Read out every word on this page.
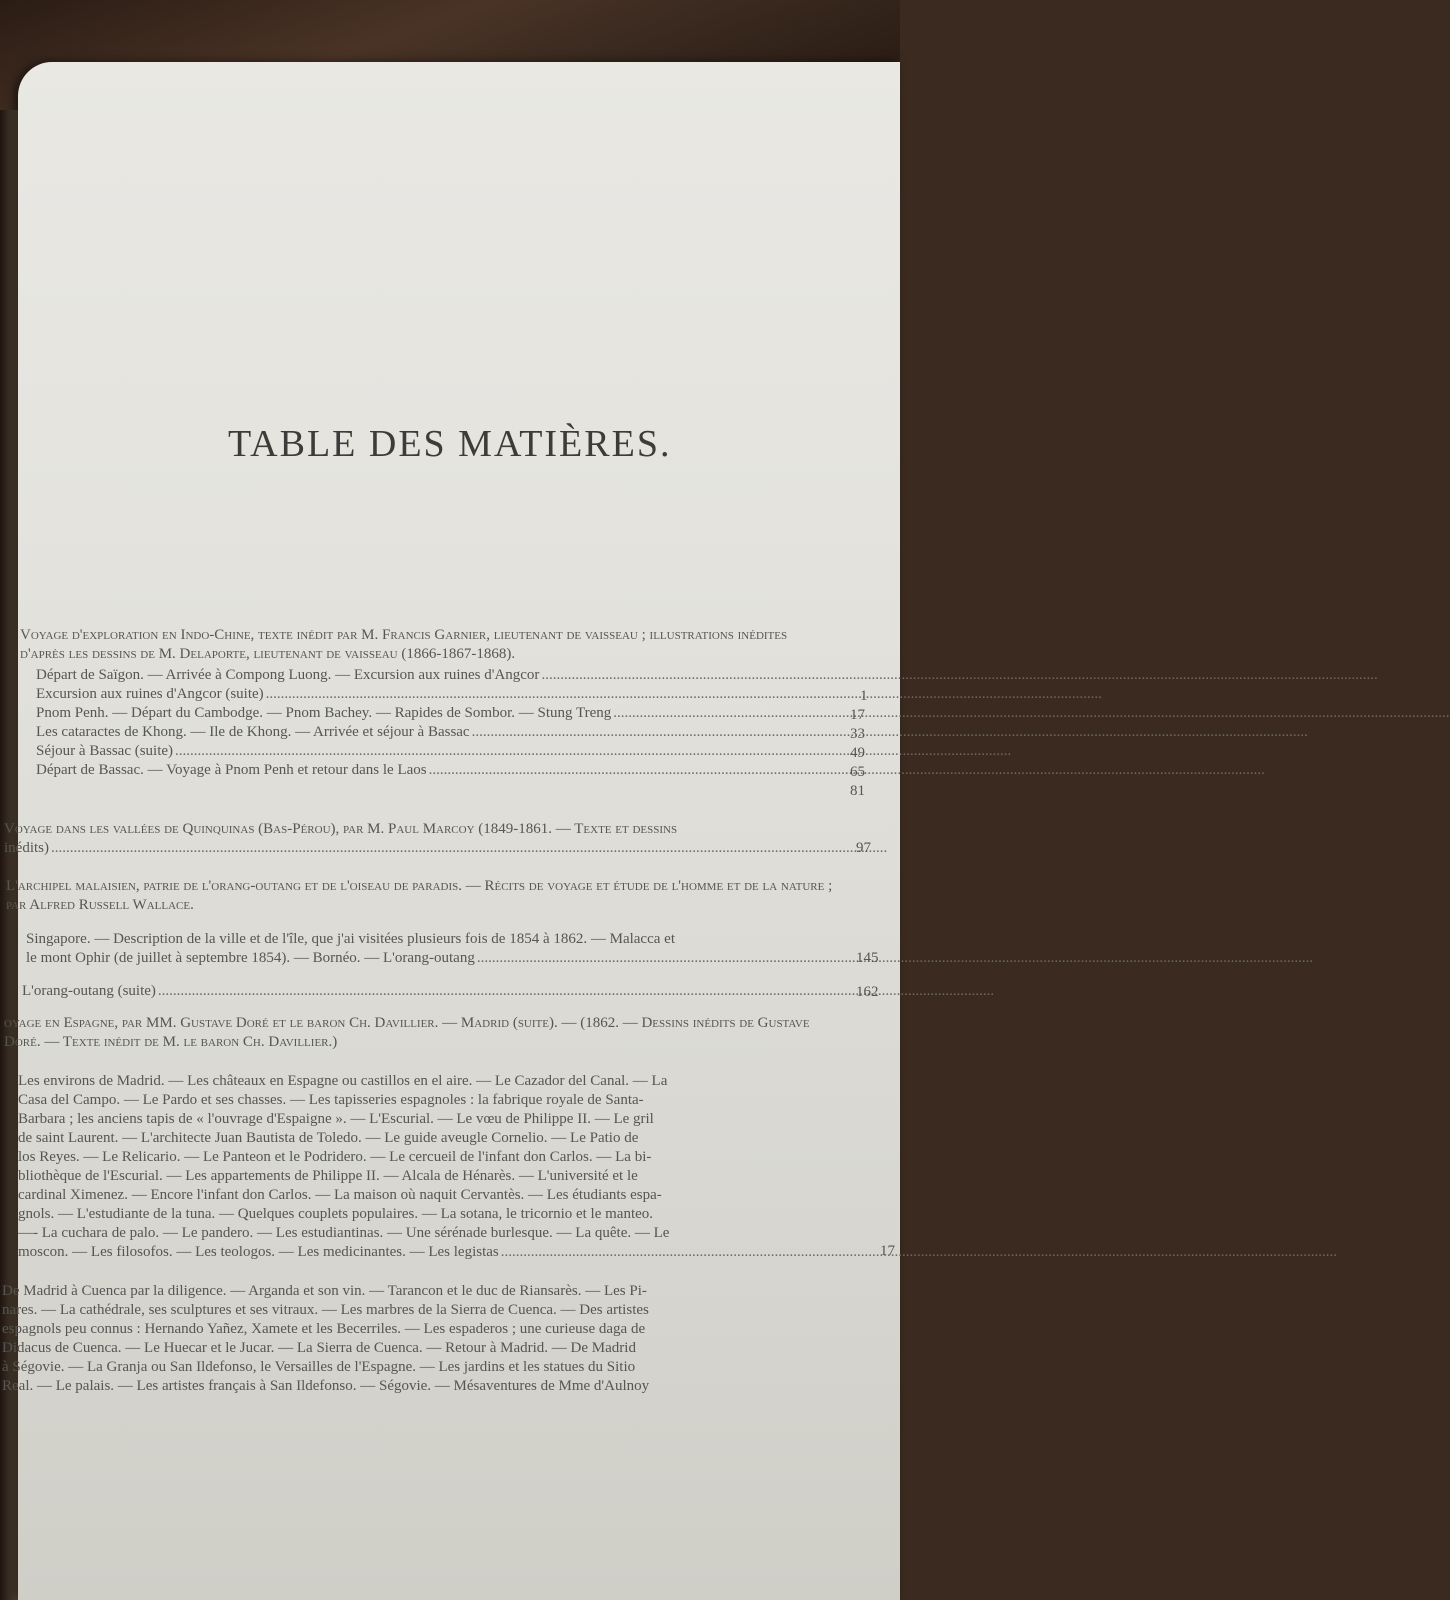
TABLE DES MATIÈRES.
Voyage d'exploration en Indo-Chine, texte inédit par M. Francis Garnier, lieutenant de vaisseau ; illustrations inédites d'après les dessins de M. Delaporte, lieutenant de vaisseau (1866-1867-1868).
Départ de Saïgon. — Arrivée à Compong Luong. — Excursion aux ruines d'Angcor
.....
Excursion aux ruines d'Angcor (suite)
.....
Pnom Penh. — Départ du Cambodge. — Pnom Bachey. — Rapides de Sombor. — Stung Treng
.....
Les cataractes de Khong. — Ile de Khong. — Arrivée et séjour à Bassac
.....
Séjour à Bassac (suite)
.....
Départ de Bassac. — Voyage à Pnom Penh et retour dans le Laos
.....
1
17
33
49
65
81
Voyage dans les vallées de Quinquinas (Bas-Pérou), par M. Paul Marcoy (1849-1861. — Texte et dessins
inédits) .....	97
L'archipel malaisien, patrie de l'orang-outang et de l'oiseau de paradis. — Récits de voyage et étude de l'homme et de la nature ; par Alfred Russell Wallace.
Singapore. — Description de la ville et de l'île, que j'ai visitées plusieurs fois de 1854 à 1862. — Malacca et
le mont Ophir (de juillet à septembre 1854). — Bornéo. — L'orang-outang
.....
L'orang-outang (suite)
.....
145
162
oyage en Espagne, par MM. Gustave Doré et le baron Ch. Davillier. — Madrid (suite). — (1862. — Dessins inédits de Gustave Doré. — Texte inédit de M. le baron Ch. Davillier.)
Les environs de Madrid. — Les châteaux en Espagne ou castillos en el aire. — Le Cazador del Canal. — La
Casa del Campo. — Le Pardo et ses chasses. — Les tapisseries espagnoles : la fabrique royale de Santa-
Barbara ; les anciens tapis de « l'ouvrage d'Espaigne ». — L'Escurial. — Le vœu de Philippe II. — Le gril
de saint Laurent. — L'architecte Juan Bautista de Toledo. — Le guide aveugle Cornelio. — Le Patio de
los Reyes. — Le Relicario. — Le Panteon et le Podridero. — Le cercueil de l'infant don Carlos. — La bi-
bliothèque de l'Escurial. — Les appartements de Philippe II. — Alcala de Hénarès. — L'université et le
cardinal Ximenez. — Encore l'infant don Carlos. — La maison où naquit Cervantès. — Les étudiants espa-
gnols. — L'estudiante de la tuna. — Quelques couplets populaires. — La sotana, le tricornio et le manteo.
—- La cuchara de palo. — Le pandero. — Les estudiantinas. — Une sérénade burlesque. — La quête. — Le
moscon. — Les filosofos. — Les teologos. — Les medicinantes. — Les legistas .....	17
De Madrid à Cuenca par la diligence. — Arganda et son vin. — Tarancon et le duc de Riansarès. — Les Pi-
nares. — La cathédrale, ses sculptures et ses vitraux. — Les marbres de la Sierra de Cuenca. — Des artistes
espagnols peu connus : Hernando Yañez, Xamete et les Becerriles. — Les espaderos ; une curieuse daga de
Didacus de Cuenca. — Le Huecar et le Jucar. — La Sierra de Cuenca. — Retour à Madrid. — De Madrid
à Ségovie. — La Granja ou San Ildefonso, le Versailles de l'Espagne. — Les jardins et les statues du Sitio
Real. — Le palais. — Les artistes français à San Ildefonso. — Ségovie. — Mésaventures de Mme d'Aulnoy
